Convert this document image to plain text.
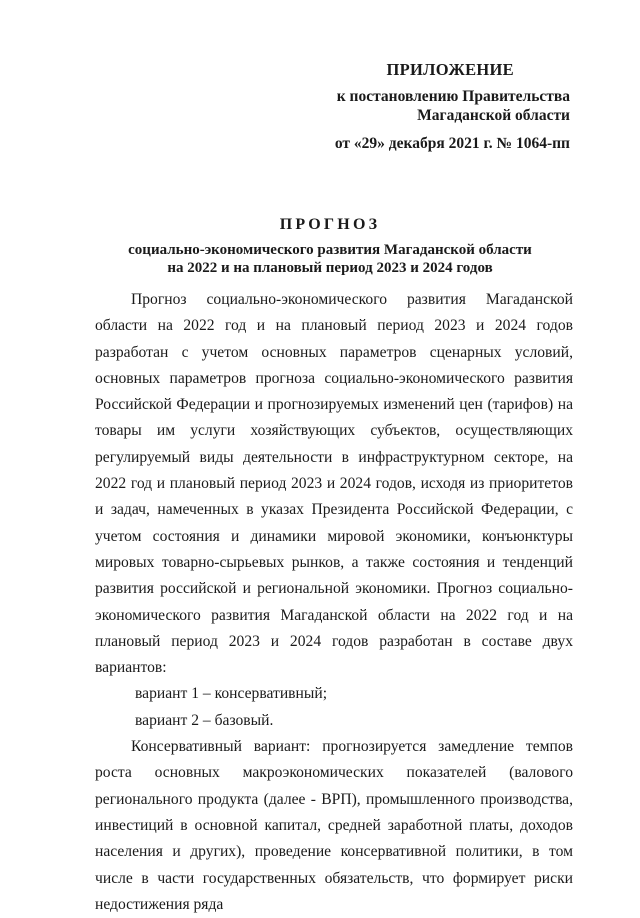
ПРИЛОЖЕНИЕ
к постановлению Правительства
Магаданской области
от «29» декабря 2021 г. № 1064-пп
ПРОГНОЗ
социально-экономического развития Магаданской области
на 2022 и на плановый период 2023 и 2024 годов

Прогноз социально-экономического развития Магаданской области на 2022 год и на плановый период 2023 и 2024 годов разработан с учетом основных параметров сценарных условий, основных параметров прогноза социально-экономического развития Российской Федерации и прогнозируемых изменений цен (тарифов) на товары им услуги хозяйствующих субъектов, осуществляющих регулируемый виды деятельности в инфраструктурном секторе, на 2022 год и плановый период 2023 и 2024 годов, исходя из приоритетов и задач, намеченных в указах Президента Российской Федерации, с учетом состояния и динамики мировой экономики, конъюнктуры мировых товарно-сырьевых рынков, а также состояния и тенденций развития российской и региональной экономики. Прогноз социально-экономического развития Магаданской области на 2022 год и на плановый период 2023 и 2024 годов разработан в составе двух вариантов:

вариант 1 – консервативный;

вариант 2 – базовый.

Консервативный вариант: прогнозируется замедление темпов роста основных макроэкономических показателей (валового регионального продукта (далее - ВРП), промышленного производства, инвестиций в основной капитал, средней заработной платы, доходов населения и других), проведение консервативной политики, в том числе в части государственных обязательств, что формирует риски недостижения ряда
